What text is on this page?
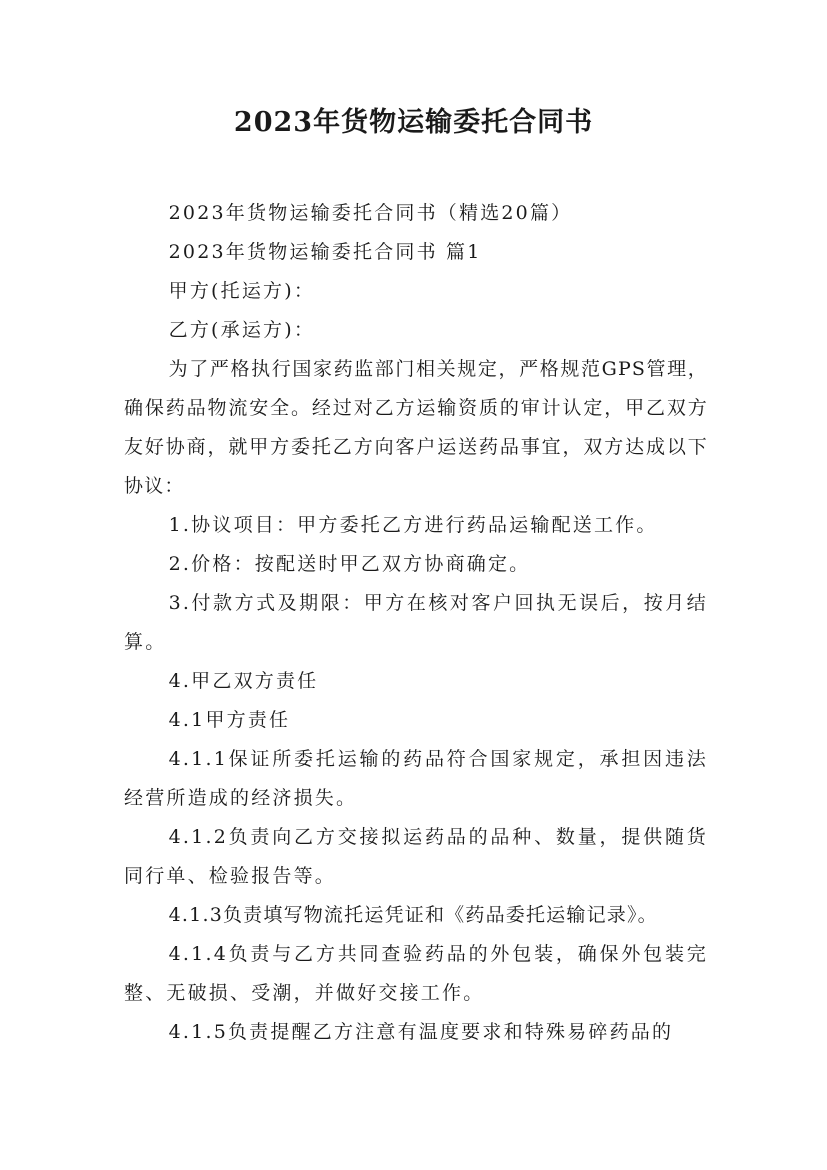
2023年货物运输委托合同书

2023年货物运输委托合同书（精选20篇）

2023年货物运输委托合同书 篇1

甲方(托运方)：

乙方(承运方)：

为了严格执行国家药监部门相关规定，严格规范GPS管理，确保药品物流安全。经过对乙方运输资质的审计认定，甲乙双方友好协商，就甲方委托乙方向客户运送药品事宜，双方达成以下协议：

1.协议项目：甲方委托乙方进行药品运输配送工作。

2.价格：按配送时甲乙双方协商确定。

3.付款方式及期限：甲方在核对客户回执无误后，按月结算。

4.甲乙双方责任

4.1甲方责任

4.1.1保证所委托运输的药品符合国家规定，承担因违法经营所造成的经济损失。

4.1.2负责向乙方交接拟运药品的品种、数量，提供随货同行单、检验报告等。

4.1.3负责填写物流托运凭证和《药品委托运输记录》。

4.1.4负责与乙方共同查验药品的外包装，确保外包装完整、无破损、受潮，并做好交接工作。

4.1.5负责提醒乙方注意有温度要求和特殊易碎药品的
